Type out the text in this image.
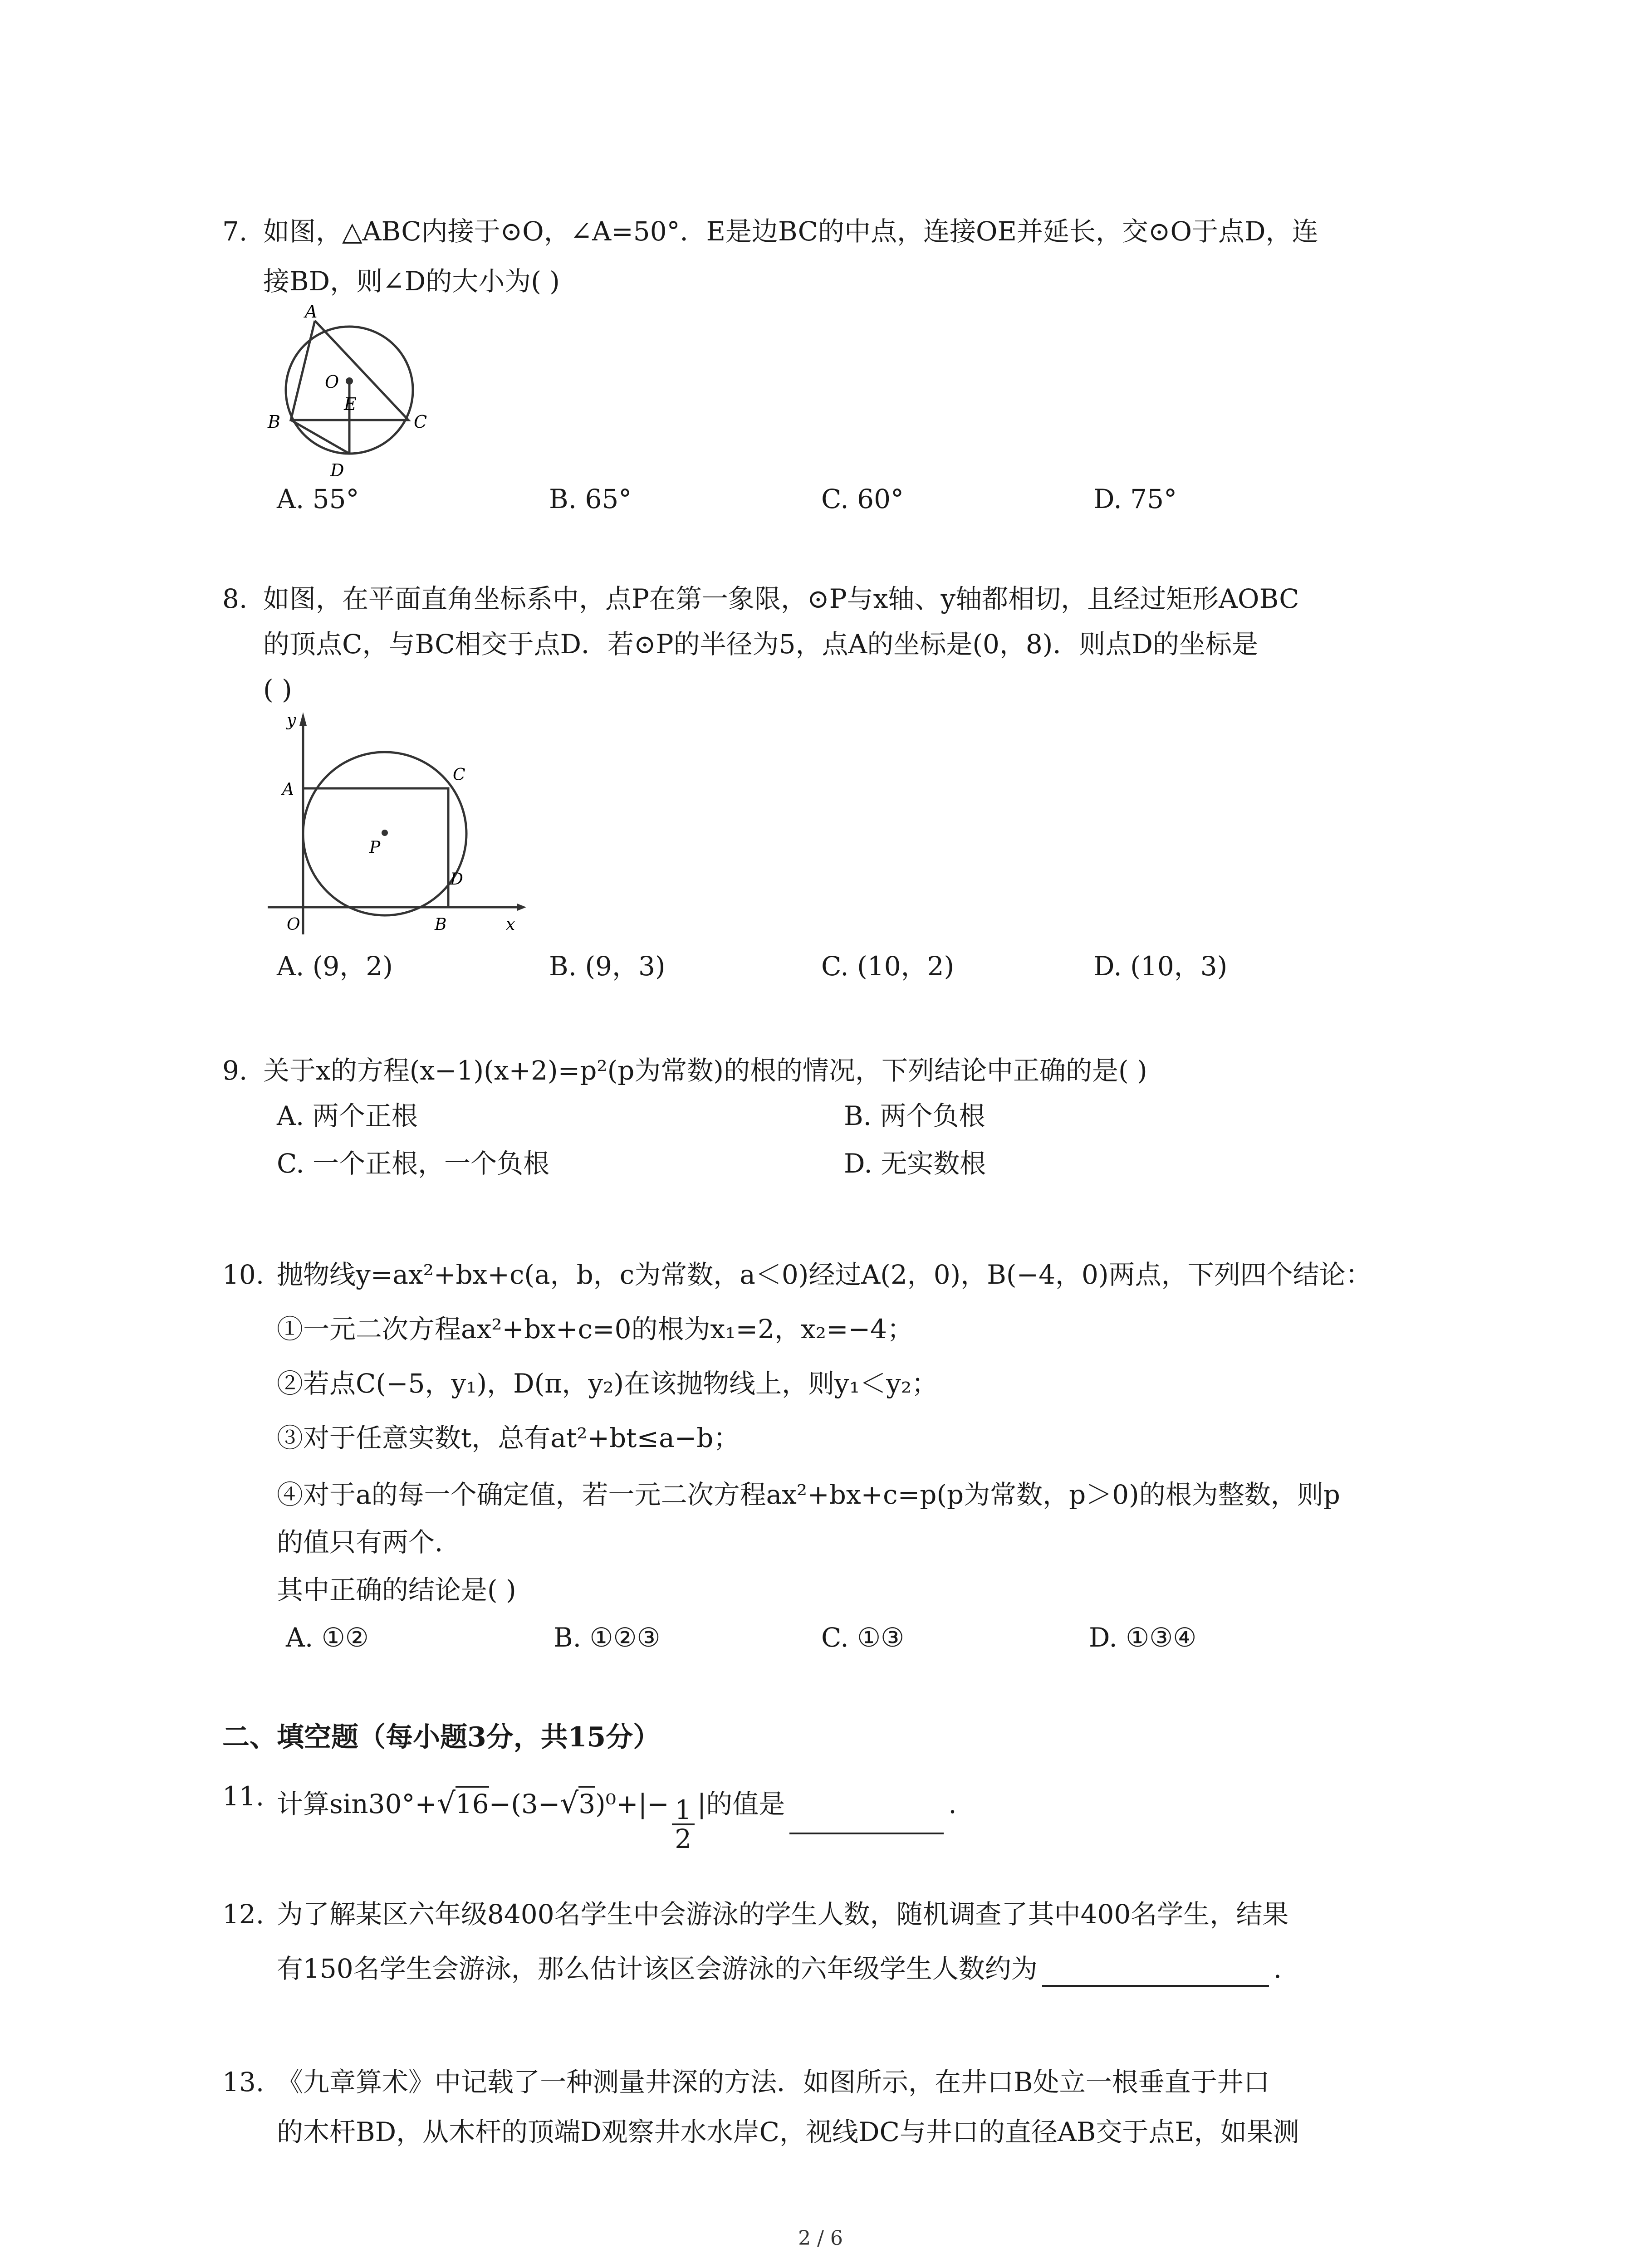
7. 如图，△ABC内接于⊙O，∠A=50°．E是边BC的中点，连接OE并延长，交⊙O于点D，连
接BD，则∠D的大小为( )
A
B	C
D
E
O
A. 55°	B. 65°	C. 60°	D. 75°
8. 如图，在平面直角坐标系中，点P在第一象限，⊙P与x轴、y轴都相切，且经过矩形AOBC
的顶点C，与BC相交于点D．若⊙P的半径为5，点A的坐标是(0，8)．则点D的坐标是
( )
y
x
A
C
P
D
O	B
A. (9，2)	B. (9，3)	C. (10，2)	D. (10，3)
9. 关于x的方程(x−1)(x+2)=p²(p为常数)的根的情况，下列结论中正确的是( )
A. 两个正根	B. 两个负根
C. 一个正根，一个负根	D. 无实数根
10. 抛物线y=ax²+bx+c(a，b，c为常数，a＜0)经过A(2，0)，B(−4，0)两点，下列四个结论：
①一元二次方程ax²+bx+c=0的根为x₁=2，x₂=−4；
②若点C(−5，y₁)，D(π，y₂)在该抛物线上，则y₁＜y₂；
③对于任意实数t，总有at²+bt≤a−b；
④对于a的每一个确定值，若一元二次方程ax²+bx+c=p(p为常数，p＞0)的根为整数，则p
的值只有两个．
其中正确的结论是( )
A. ①②	B. ①②③	C. ①③	D. ①③④
二、填空题（每小题3分，共15分）
11. 计算$\sin 30^\circ+√16-(3-√3)^0+|- \frac{1}{2}$ |的值是	.
12. 为了解某区六年级8400名学生中会游泳的学生人数，随机调查了其中400名学生，结果
有150名学生会游泳，那么估计该区会游泳的六年级学生人数约为	.
13. 《九章算术》中记载了一种测量井深的方法．如图所示，在井口B处立一根垂直于井口
的木杆BD，从木杆的顶端D观察井水水岸C，视线DC与井口的直径AB交于点E，如果测
2 / 6
